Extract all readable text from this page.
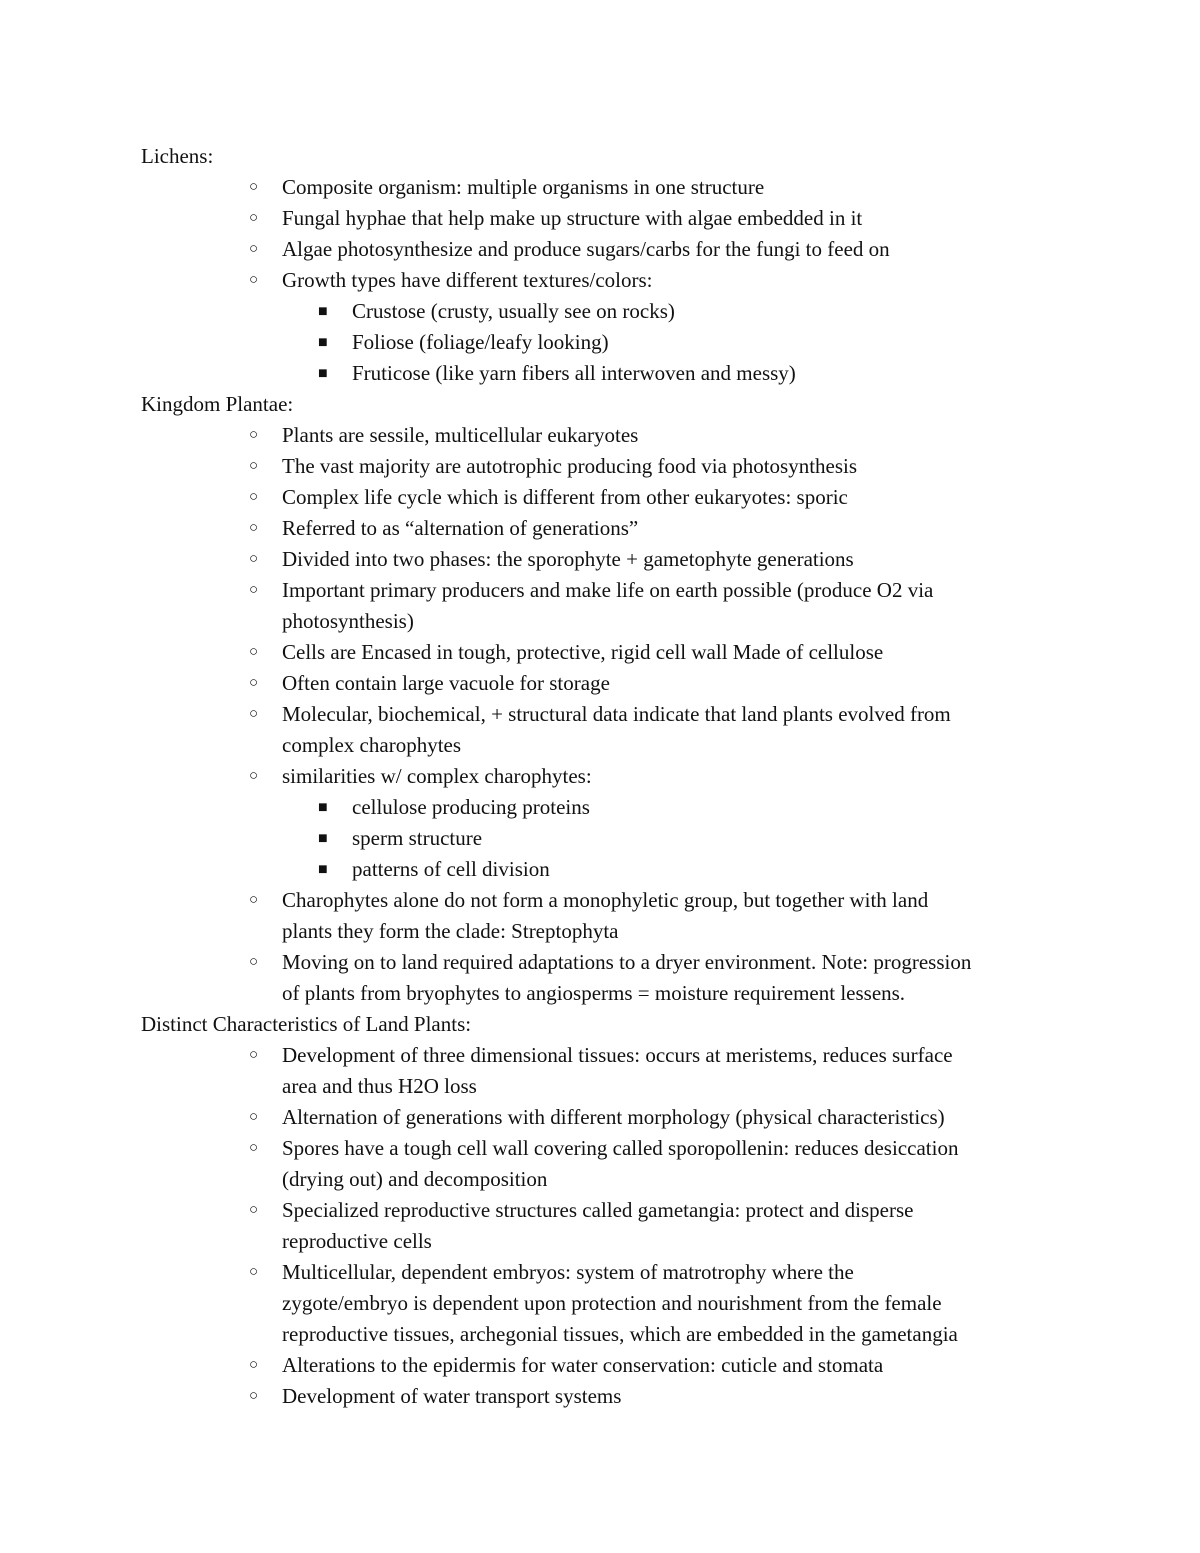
Lichens:

○ Composite organism: multiple organisms in one structure
○ Fungal hyphae that help make up structure with algae embedded in it
○ Algae photosynthesize and produce sugars/carbs for the fungi to feed on
○ Growth types have different textures/colors:
■ Crustose (crusty, usually see on rocks)
■ Foliose (foliage/leafy looking)
■ Fruticose (like yarn fibers all interwoven and messy)

Kingdom Plantae:

○ Plants are sessile, multicellular eukaryotes
○ The vast majority are autotrophic producing food via photosynthesis
○ Complex life cycle which is different from other eukaryotes: sporic
○ Referred to as “alternation of generations”
○ Divided into two phases: the sporophyte + gametophyte generations
○ Important primary producers and make life on earth possible (produce O2 via
photosynthesis)
○ Cells are Encased in tough, protective, rigid cell wall Made of cellulose
○ Often contain large vacuole for storage
○ Molecular, biochemical, + structural data indicate that land plants evolved from
complex charophytes
○ similarities w/ complex charophytes:
■ cellulose producing proteins
■ sperm structure
■ patterns of cell division
○ Charophytes alone do not form a monophyletic group, but together with land
plants they form the clade: Streptophyta
○ Moving on to land required adaptations to a dryer environment. Note: progression
of plants from bryophytes to angiosperms = moisture requirement lessens.

Distinct Characteristics of Land Plants:

○ Development of three dimensional tissues: occurs at meristems, reduces surface
area and thus H2O loss
○ Alternation of generations with different morphology (physical characteristics)
○ Spores have a tough cell wall covering called sporopollenin: reduces desiccation
(drying out) and decomposition
○ Specialized reproductive structures called gametangia: protect and disperse
reproductive cells
○ Multicellular, dependent embryos: system of matrotrophy where the
zygote/embryo is dependent upon protection and nourishment from the female
reproductive tissues, archegonial tissues, which are embedded in the gametangia
○ Alterations to the epidermis for water conservation: cuticle and stomata
○ Development of water transport systems
